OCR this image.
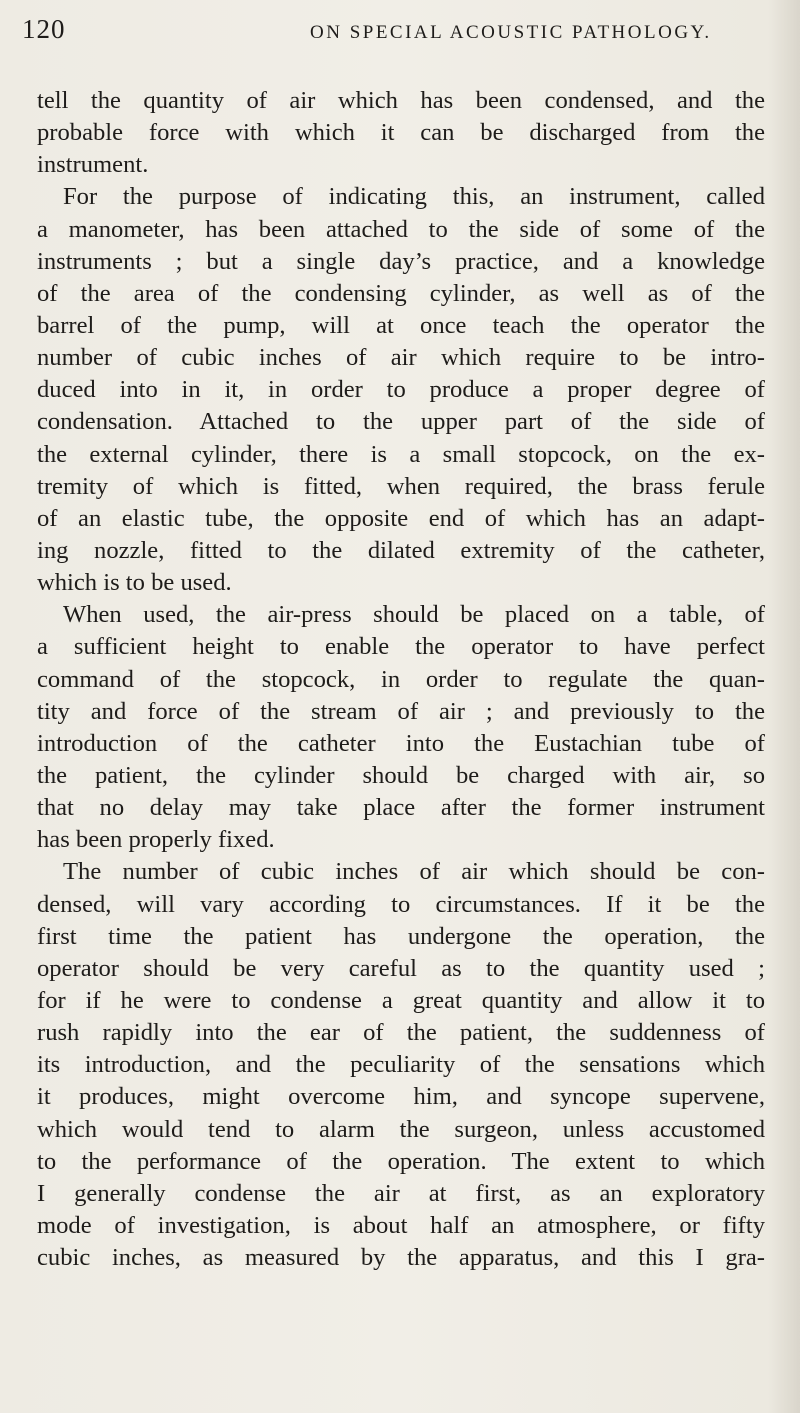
120	ON SPECIAL ACOUSTIC PATHOLOGY.
tell the quantity of air which has been condensed, and the
probable force with which it can be discharged from the
instrument.
For the purpose of indicating this, an instrument, called
a manometer, has been attached to the side of some of the
instruments ; but a single day’s practice, and a knowledge
of the area of the condensing cylinder, as well as of the
barrel of the pump, will at once teach the operator the
number of cubic inches of air which require to be intro-
duced into in it, in order to produce a proper degree of
condensation. Attached to the upper part of the side of
the external cylinder, there is a small stopcock, on the ex-
tremity of which is fitted, when required, the brass ferule
of an elastic tube, the opposite end of which has an adapt-
ing nozzle, fitted to the dilated extremity of the catheter,
which is to be used.
When used, the air-press should be placed on a table, of
a sufficient height to enable the operator to have perfect
command of the stopcock, in order to regulate the quan-
tity and force of the stream of air ; and previously to the
introduction of the catheter into the Eustachian tube of
the patient, the cylinder should be charged with air, so
that no delay may take place after the former instrument
has been properly fixed.
The number of cubic inches of air which should be con-
densed, will vary according to circumstances. If it be the
first time the patient has undergone the operation, the
operator should be very careful as to the quantity used ;
for if he were to condense a great quantity and allow it to
rush rapidly into the ear of the patient, the suddenness of
its introduction, and the peculiarity of the sensations which
it produces, might overcome him, and syncope supervene,
which would tend to alarm the surgeon, unless accustomed
to the performance of the operation. The extent to which
I generally condense the air at first, as an exploratory
mode of investigation, is about half an atmosphere, or fifty
cubic inches, as measured by the apparatus, and this I gra-
